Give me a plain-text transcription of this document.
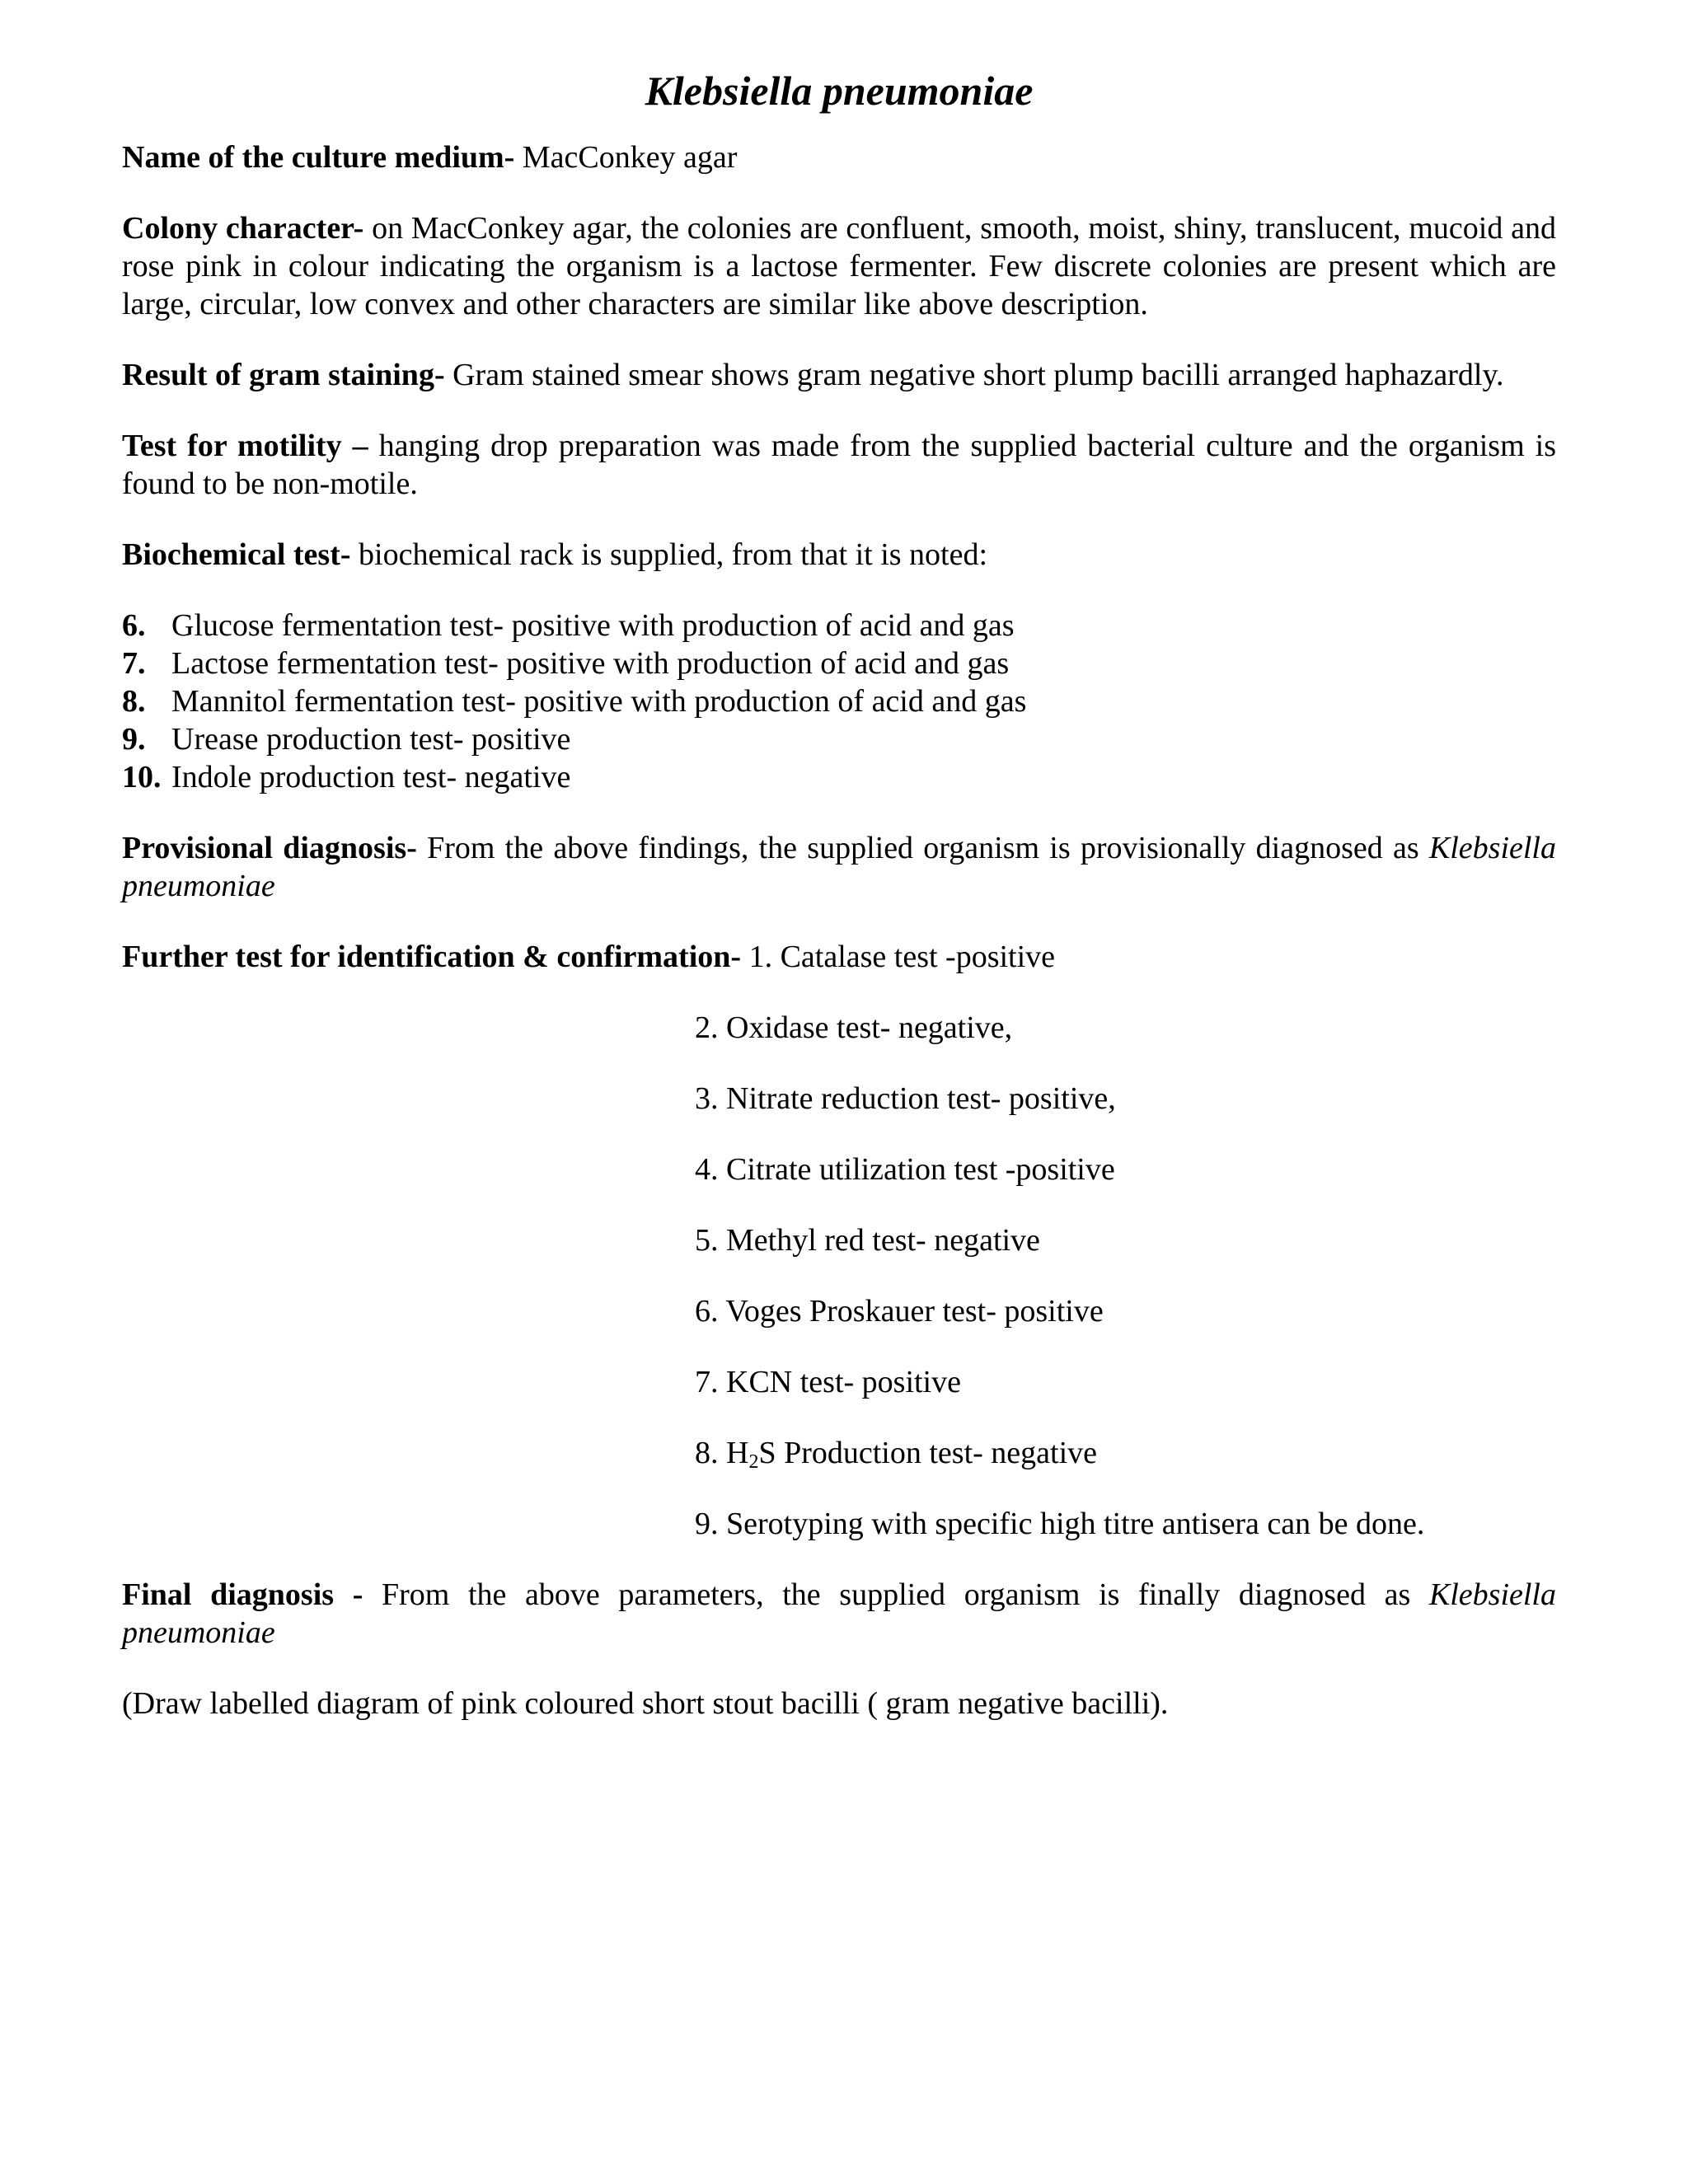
Klebsiella pneumoniae

Name of the culture medium- MacConkey agar

Colony character- on MacConkey agar, the colonies are confluent, smooth, moist, shiny, translucent, mucoid and rose pink in colour indicating the organism is a lactose fermenter. Few discrete colonies are present which are large, circular, low convex and other characters are similar like above description.

Result of gram staining- Gram stained smear shows gram negative short plump bacilli arranged haphazardly.

Test for motility – hanging drop preparation was made from the supplied bacterial culture and the organism is found to be non-motile.

Biochemical test- biochemical rack is supplied, from that it is noted:

6. Glucose fermentation test- positive with production of acid and gas
7. Lactose fermentation test- positive with production of acid and gas
8. Mannitol fermentation test- positive with production of acid and gas
9. Urease production test- positive
10. Indole production test- negative

Provisional diagnosis- From the above findings, the supplied organism is provisionally diagnosed as Klebsiella pneumoniae

Further test for identification & confirmation- 1. Catalase test -positive

2. Oxidase test- negative,
3. Nitrate reduction test- positive,
4. Citrate utilization test -positive
5. Methyl red test- negative
6. Voges Proskauer test- positive
7. KCN test- positive
8. $H_2S$ Production test- negative
9. Serotyping with specific high titre antisera can be done.

Final diagnosis - From the above parameters, the supplied organism is finally diagnosed as Klebsiella pneumoniae

(Draw labelled diagram of pink coloured short stout bacilli ( gram negative bacilli).
